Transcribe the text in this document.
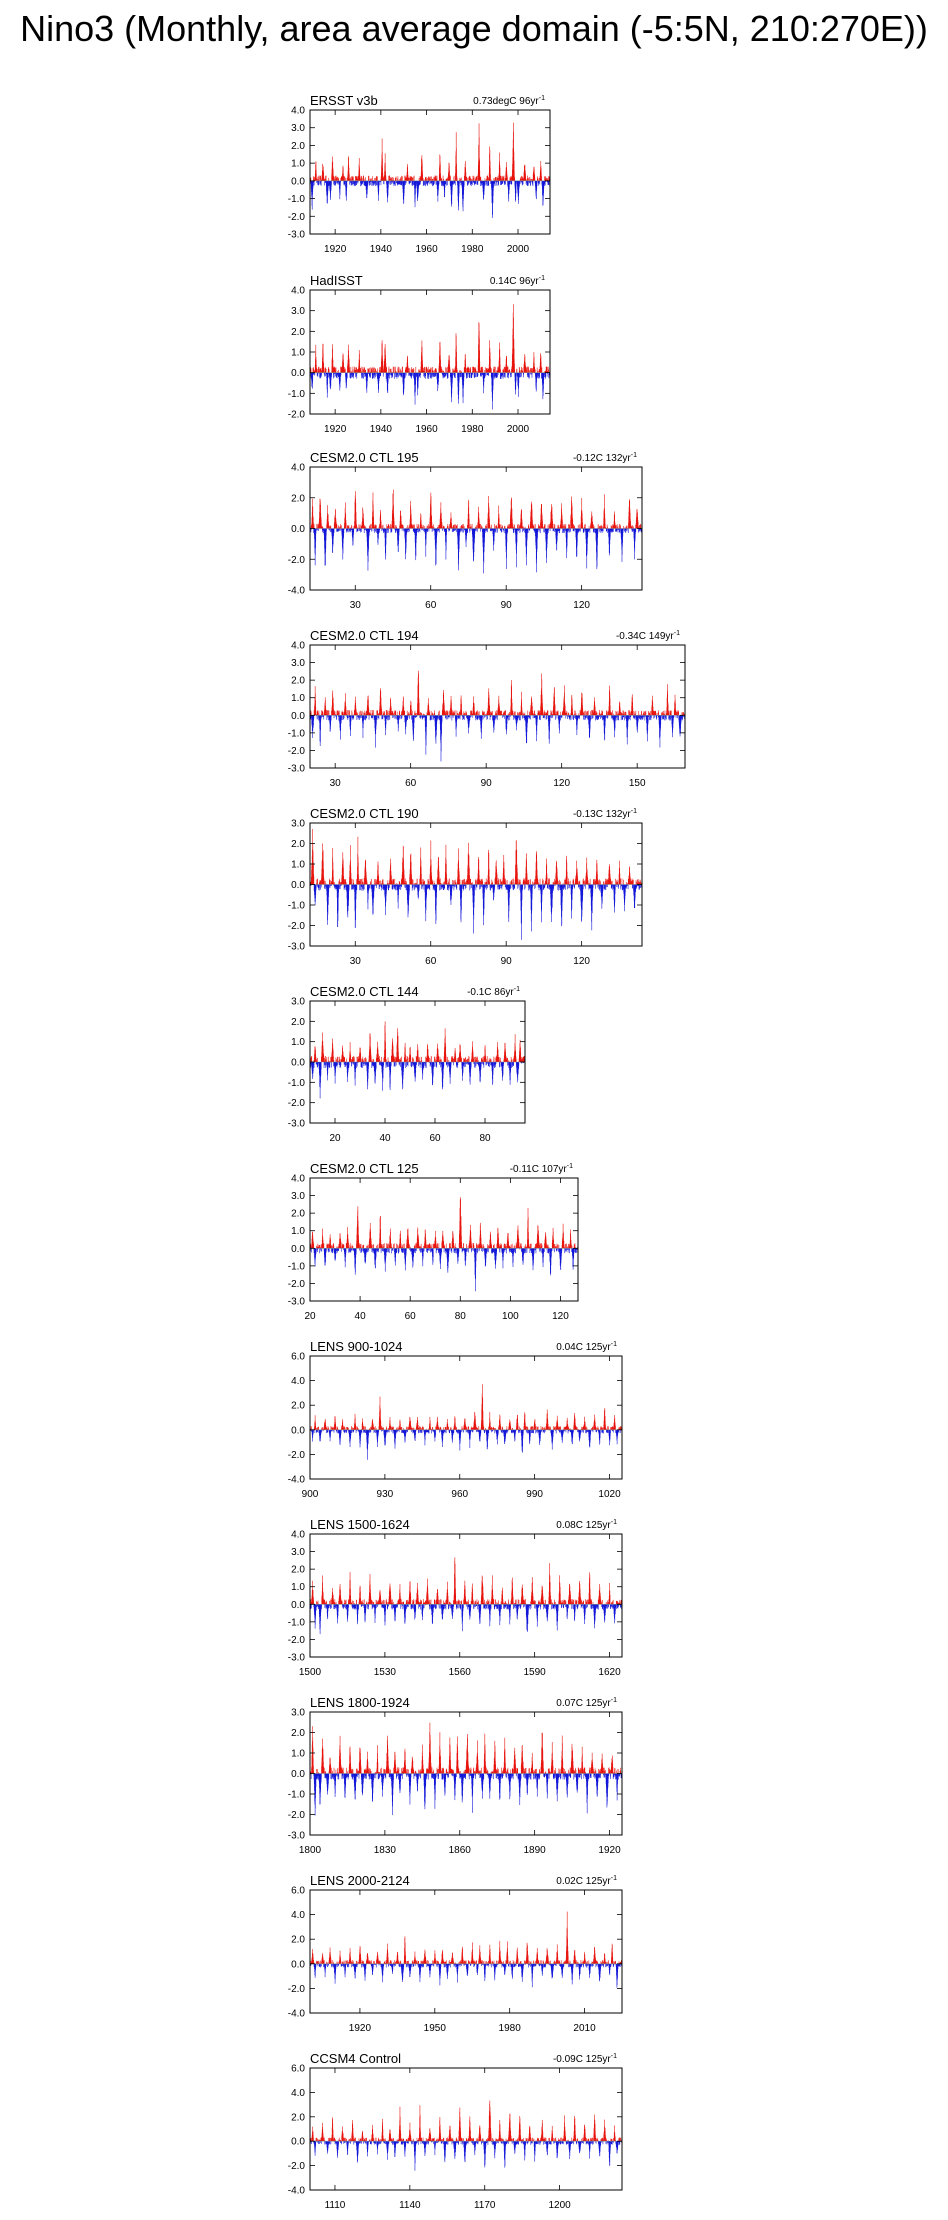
Nino3 (Monthly, area average domain (-5:5N, 210:270E))
4.0
3.0
2.0
1.0
0.0
-1.0
-2.0
-3.0
1920 1940 1960 1980 2000
ERSST v3b	0.73degC $96yr^{-1}$
4.0
3.0
2.0
1.0
0.0
-1.0
-2.0
1920 1940 1960 1980 2000
HadISST	0.14C $96yr^{-1}$
4.0
2.0
0.0
-2.0
-4.0
30	60	90	120
CESM2.0 CTL 195	-0.12C $132yr^{-1}$
4.0
3.0
2.0
1.0
0.0
-1.0
-2.0
-3.0
30	60	90	120	150
CESM2.0 CTL 194	-0.34C $149yr^{-1}$
3.0
2.0
1.0
0.0
-1.0
-2.0
-3.0
30	60	90	120
CESM2.0 CTL 190	-0.13C $132yr^{-1}$
3.0
2.0
1.0
0.0
-1.0
-2.0
-3.0
20	40	60	80
CESM2.0 CTL 144	-0.1C $86yr^{-1}$
4.0
3.0
2.0
1.0
0.0
-1.0
-2.0
-3.0
20	40	60	80	100	120
CESM2.0 CTL 125	-0.11C $107yr^{-1}$
6.0
4.0
2.0
0.0
-2.0
-4.0
900	930	960	990	1020
LENS 900-1024	0.04C $125yr^{-1}$
4.0
3.0
2.0
1.0
0.0
-1.0
-2.0
-3.0
1500	1530	1560	1590	1620
LENS 1500-1624	0.08C $125yr^{-1}$
3.0
2.0
1.0
0.0
-1.0
-2.0
-3.0
1800	1830	1860	1890	1920
LENS 1800-1924	0.07C $125yr^{-1}$
6.0
4.0
2.0
0.0
-2.0
-4.0
1920	1950	1980	2010
LENS 2000-2124	0.02C $125yr^{-1}$
6.0
4.0
2.0
0.0
-2.0
-4.0
1110	1140	1170	1200
CCSM4 Control	-0.09C $125yr^{-1}$
